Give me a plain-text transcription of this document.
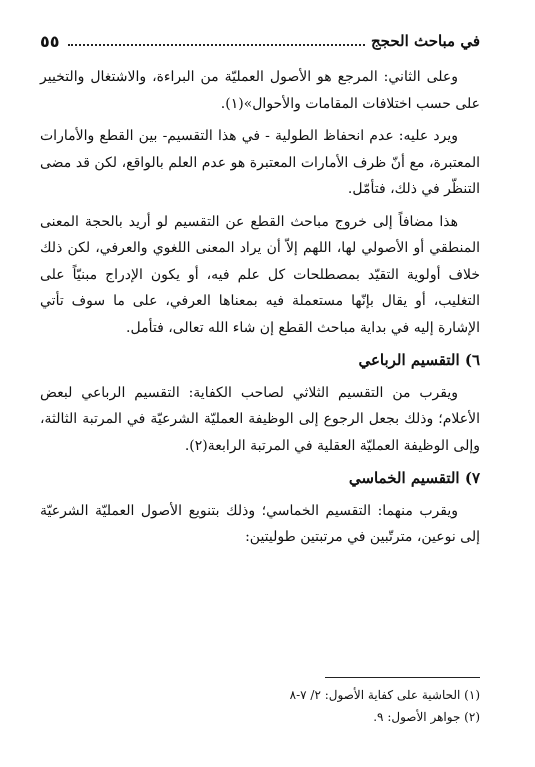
في مباحث الحجج
٥٥

وعلى الثاني: المرجع هو الأصول العمليّة من البراءة، والاشتغال والتخيير على حسب اختلافات المقامات والأحوال»(١).

ويرد عليه: عدم انحفاظ الطولية - في هذا التقسيم- بين القطع والأمارات المعتبرة، مع أنّ ظرف الأمارات المعتبرة هو عدم العلم بالواقع، لكن قد مضى التنظّر في ذلك، فتأمّل.

هذا مضافاً إلى خروج مباحث القطع عن التقسيم لو أريد بالحجة المعنى المنطقي أو الأصولي لها، اللهم إلاّ أن يراد المعنى اللغوي والعرفي، لكن ذلك خلاف أولوية التقيّد بمصطلحات كل علم فيه، أو يكون الإدراج مبنيّاً على التغليب، أو يقال بإنّها مستعملة فيه بمعناها العرفي، على ما سوف تأتي الإشارة إليه في بداية مباحث القطع إن شاء الله تعالى، فتأمل.

٦) التقسيم الرباعي

ويقرب من التقسيم الثلاثي لصاحب الكفاية: التقسيم الرباعي لبعض الأعلام؛ وذلك بجعل الرجوع إلى الوظيفة العمليّة الشرعيّة في المرتبة الثالثة، وإلى الوظيفة العمليّة العقلية في المرتبة الرابعة(٢).

٧) التقسيم الخماسي

ويقرب منهما: التقسيم الخماسي؛ وذلك بتنويع الأصول العمليّة الشرعيّة إلى نوعين، مترتّبين في مرتبتين طوليتين:

(١) الحاشية على كفاية الأصول: ٢/ ٧-٨
(٢) جواهر الأصول: ٩.
